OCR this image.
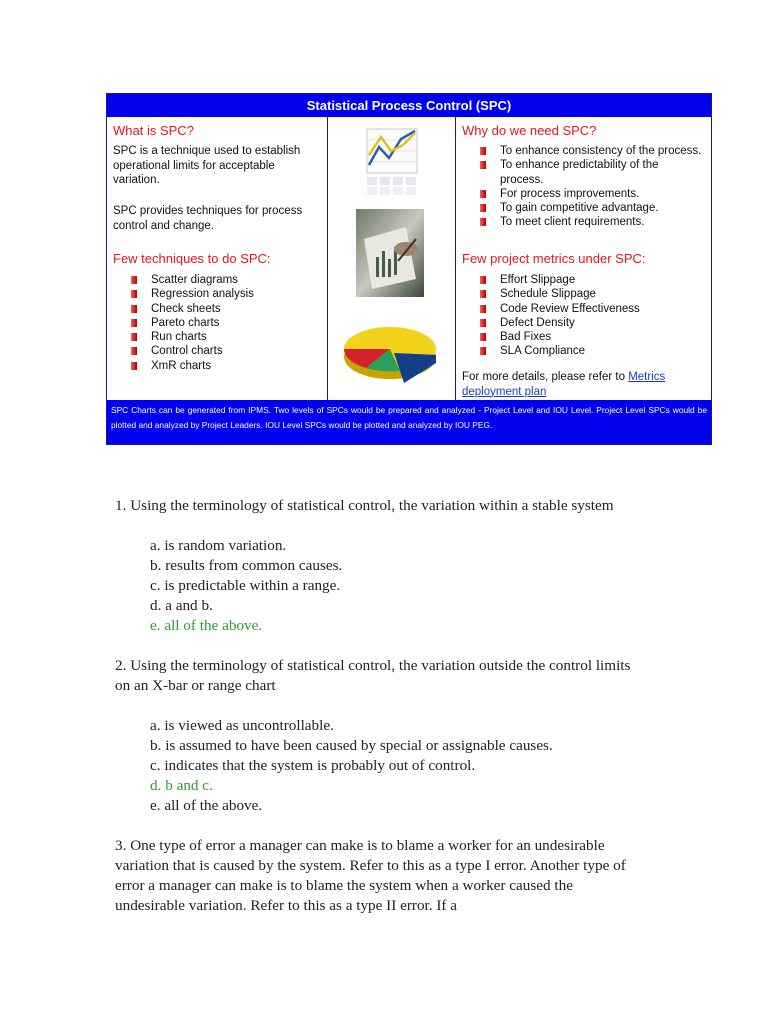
Statistical Process Control (SPC)

What is SPC?

SPC is a technique used to establish operational limits for acceptable variation.

SPC provides techniques for process control and change.

Few techniques to do SPC:

Scatter diagrams
Regression analysis
Check sheets
Pareto charts
Run charts
Control charts
XmR charts

Why do we need SPC?

To enhance consistency of the process.
To enhance predictability of the process.
For process improvements.
To gain competitive advantage.
To meet client requirements.

Few project metrics under SPC:

Effort Slippage
Schedule Slippage
Code Review Effectiveness
Defect Density
Bad Fixes
SLA Compliance

For more details, please refer to Metrics deployment plan

SPC Charts can be generated from IPMS. Two levels of SPCs would be prepared and analyzed - Project Level and IOU Level. Project Level SPCs would be plotted and analyzed by Project Leaders. IOU Level SPCs would be plotted and analyzed by IOU PEG.

1. Using the terminology of statistical control, the variation within a stable system

a. is random variation.
b. results from common causes.
c. is predictable within a range.
d. a and b.
e. all of the above.

2. Using the terminology of statistical control, the variation outside the control limits on an X-bar or range chart

a. is viewed as uncontrollable.
b. is assumed to have been caused by special or assignable causes.
c. indicates that the system is probably out of control.
d. b and c.
e. all of the above.

3. One type of error a manager can make is to blame a worker for an undesirable variation that is caused by the system. Refer to this as a type I error. Another type of error a manager can make is to blame the system when a worker caused the undesirable variation. Refer to this as a type II error. If a
